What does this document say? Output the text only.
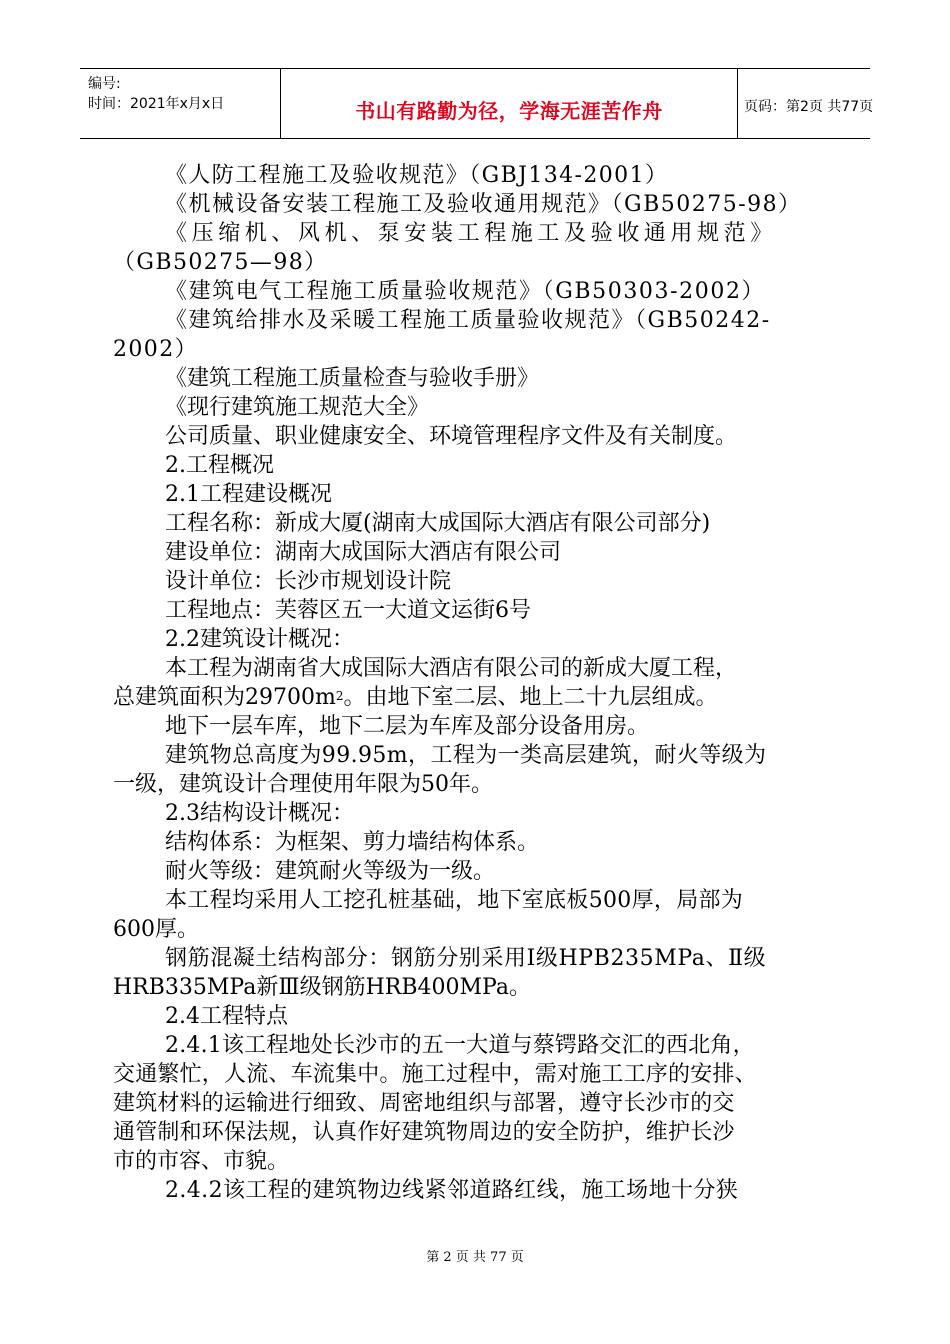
编号:
时间：2021年x月x日	书山有路勤为径，学海无涯苦作舟	页码：第2页 共77页
《人防工程施工及验收规范》（GBJ134-2001）
《机械设备安装工程施工及验收通用规范》（GB50275-98）
《压缩机、风机、泵安装工程施工及验收通用规范》
（GB50275—98）
《建筑电气工程施工质量验收规范》（GB50303-2002）
《建筑给排水及采暖工程施工质量验收规范》（GB50242-
2002）
《建筑工程施工质量检查与验收手册》
《现行建筑施工规范大全》
公司质量、职业健康安全、环境管理程序文件及有关制度。
2.工程概况
2.1工程建设概况
工程名称：新成大厦(湖南大成国际大酒店有限公司部分)
建设单位：湖南大成国际大酒店有限公司
设计单位：长沙市规划设计院
工程地点：芙蓉区五一大道文运街6号
2.2建筑设计概况：
本工程为湖南省大成国际大酒店有限公司的新成大厦工程，
总建筑面积为$29700m^2$。由地下室二层、地上二十九层组成。
地下一层车库，地下二层为车库及部分设备用房。
建筑物总高度为99.95m，工程为一类高层建筑，耐火等级为
一级，建筑设计合理使用年限为50年。
2.3结构设计概况：
结构体系：为框架、剪力墙结构体系。
耐火等级：建筑耐火等级为一级。
本工程均采用人工挖孔桩基础，地下室底板500厚，局部为
600厚。
钢筋混凝土结构部分：钢筋分别采用Ⅰ级HPB235MPa、Ⅱ级
HRB335MPa新Ⅲ级钢筋HRB400MPa。
2.4工程特点
2.4.1该工程地处长沙市的五一大道与蔡锷路交汇的西北角，
交通繁忙，人流、车流集中。施工过程中，需对施工工序的安排、
建筑材料的运输进行细致、周密地组织与部署，遵守长沙市的交
通管制和环保法规，认真作好建筑物周边的安全防护，维护长沙
市的市容、市貌。
2.4.2该工程的建筑物边线紧邻道路红线，施工场地十分狭
第 2 页 共 77 页
